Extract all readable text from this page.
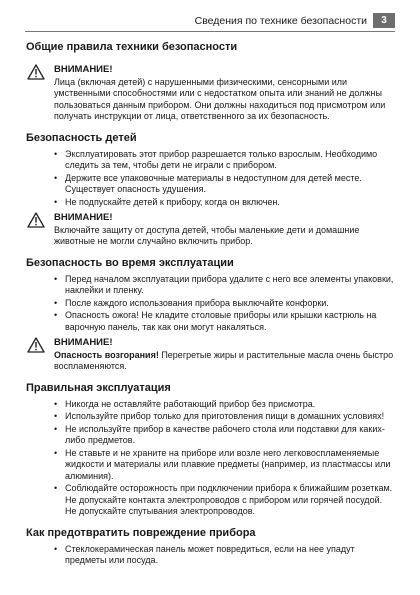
Сведения по технике безопасности	3
Общие правила техники безопасности
ВНИМАНИЕ!
Лица (включая детей) с нарушенными физическими, сенсорными или умственными способностями или с недостатком опыта или знаний не должны пользоваться данным прибором. Они должны находиться под присмотром или получать инструкции от лица, ответственного за их безопасность.
Безопасность детей
• Эксплуатировать этот прибор разрешается только взрослым. Необходимо следить за тем, чтобы дети не играли с прибором.
• Держите все упаковочные материалы в недоступном для детей месте. Существует опасность удушения.
• Не подпускайте детей к прибору, когда он включен.
ВНИМАНИЕ!
Включайте защиту от доступа детей, чтобы маленькие дети и домашние животные не могли случайно включить прибор.
Безопасность во время эксплуатации
• Перед началом эксплуатации прибора удалите с него все элементы упаковки, наклейки и пленку.
• После каждого использования прибора выключайте конфорки.
• Опасность ожога! Не кладите столовые приборы или крышки кастрюль на варочную панель, так как они могут накаляться.
ВНИМАНИЕ!
Опасность возгорания! Перегретые жиры и растительные масла очень быстро воспламеняются.
Правильная эксплуатация
• Никогда не оставляйте работающий прибор без присмотра.
• Используйте прибор только для приготовления пищи в домашних условиях!
• Не используйте прибор в качестве рабочего стола или подставки для каких-либо предметов.
• Не ставьте и не храните на приборе или возле него легковоспламеняемые жидкости и материалы или плавкие предметы (например, из пластмассы или алюминия).
• Соблюдайте осторожность при подключении прибора к ближайшим розеткам. Не допускайте контакта электропроводов с прибором или горячей посудой. Не допускайте спутывания электропроводов.
Как предотвратить повреждение прибора
• Стеклокерамическая панель может повредиться, если на нее упадут предметы или посуда.
